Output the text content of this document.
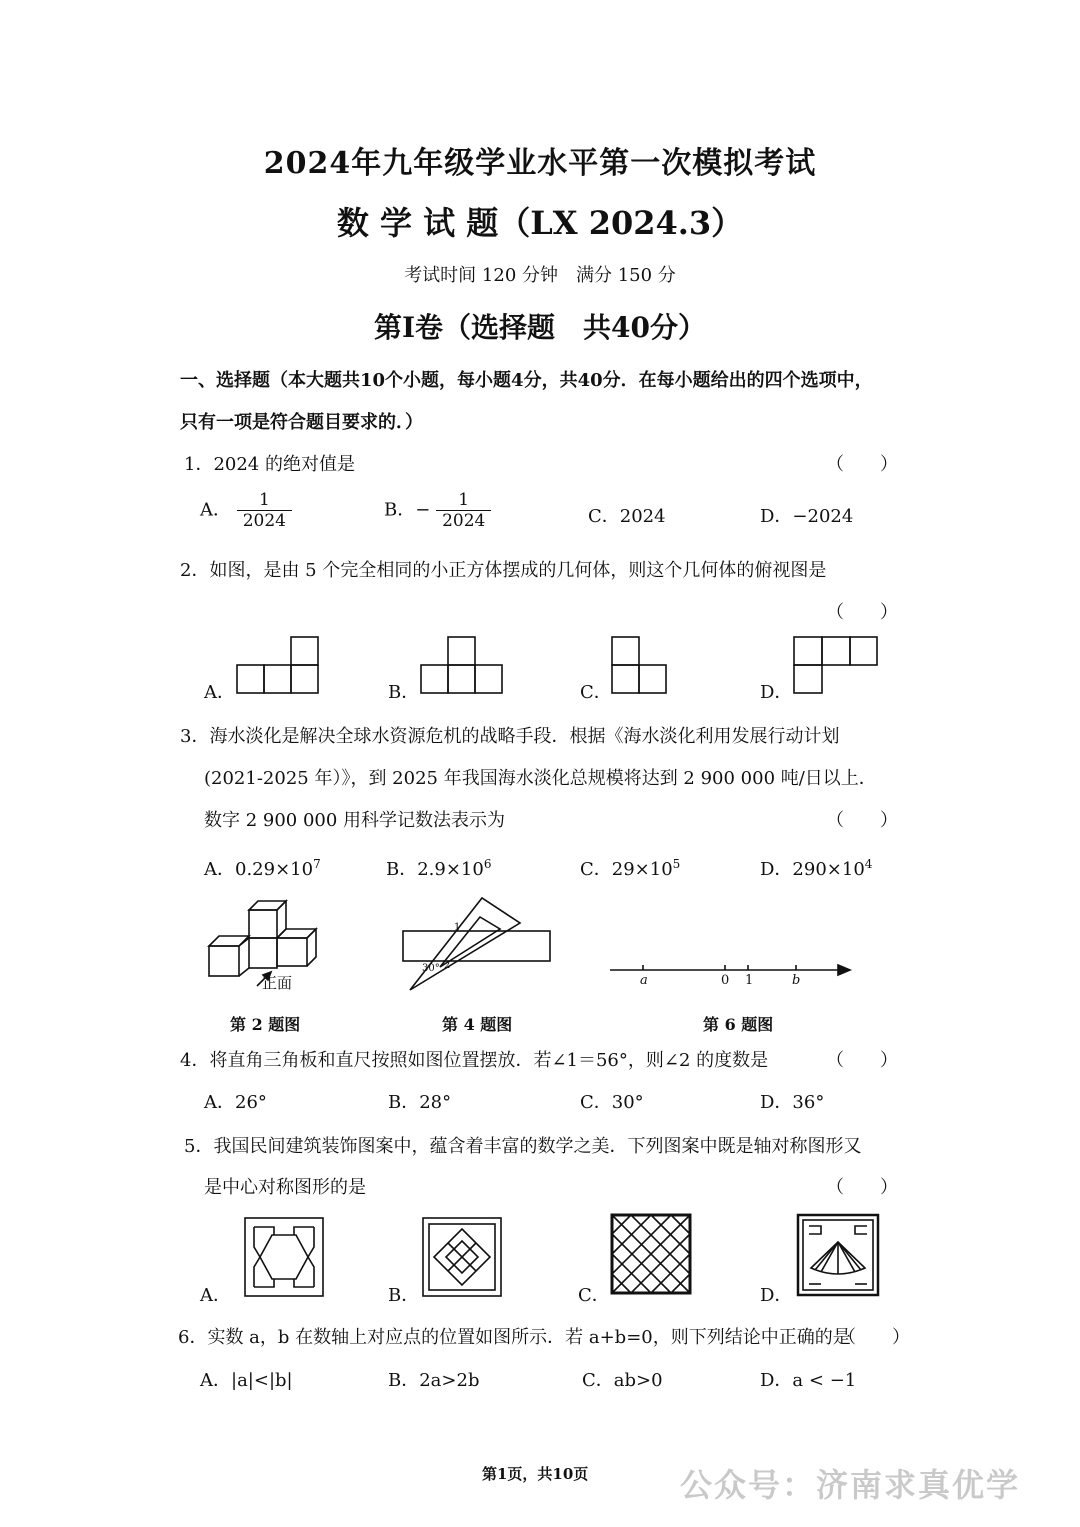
2024年九年级学业水平第一次模拟考试
数 学 试 题（LX 2024.3）
考试时间 120 分钟　满分 150 分
第Ⅰ卷（选择题　共40分）
一、选择题（本大题共10个小题，每小题4分，共40分．在每小题给出的四个选项中，
只有一项是符合题目要求的．）
1．2024 的绝对值是	（　　）
A． $\frac{1}{2024}$	B．− $\frac{1}{2024}$	C．2024	D．−2024
2．如图，是由 5 个完全相同的小正方体摆成的几何体，则这个几何体的俯视图是
（　　）
A．	B．	C．	D．
3．海水淡化是解决全球水资源危机的战略手段．根据《海水淡化利用发展行动计划
(2021-2025 年）》，到 2025 年我国海水淡化总规模将达到 2 900 000 吨/日以上．
数字 2 900 000 用科学记数法表示为	（　　）
A．$0.29\times 10^7$	B．$2.9\times 10^6$	C．$29\times 10^5$	D．$290\times 10^4$
正面
30°
1
2
a	0 1	b
第 2 题图	第 4 题图	第 6 题图
4．将直角三角板和直尺按照如图位置摆放．若∠1＝56°，则∠2 的度数是	（　　）
A．26°	B．28°	C．30°	D．36°
5．我国民间建筑装饰图案中，蕴含着丰富的数学之美．下列图案中既是轴对称图形又
是中心对称图形的是	（　　）
A．	B．	C．	D．
6．实数 a，b 在数轴上对应点的位置如图所示．若 a+b=0，则下列结论中正确的是
（　　）
A．|a|<|b|	B．2a>2b	C．ab>0	D．a < −1
第1页，共10页	公众号：济南求真优学
